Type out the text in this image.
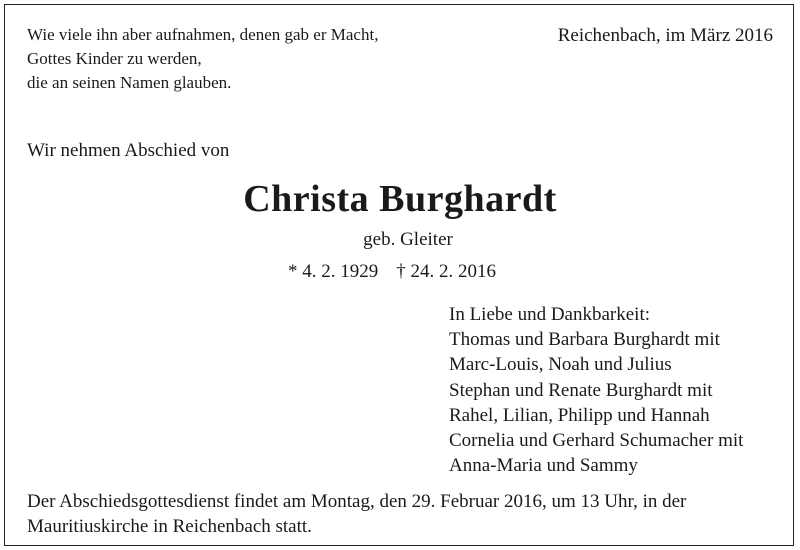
Wie viele ihn aber aufnahmen, denen gab er Macht,
Gottes Kinder zu werden,
die an seinen Namen glauben.
Reichenbach, im März 2016
Wir nehmen Abschied von
Christa Burghardt
geb. Gleiter
* 4. 2. 1929 † 24. 2. 2016
In Liebe und Dankbarkeit:
Thomas und Barbara Burghardt mit
Marc-Louis, Noah und Julius
Stephan und Renate Burghardt mit
Rahel, Lilian, Philipp und Hannah
Cornelia und Gerhard Schumacher mit
Anna-Maria und Sammy
Der Abschiedsgottesdienst findet am Montag, den 29. Februar 2016, um 13 Uhr, in der
Mauritiuskirche in Reichenbach statt.
